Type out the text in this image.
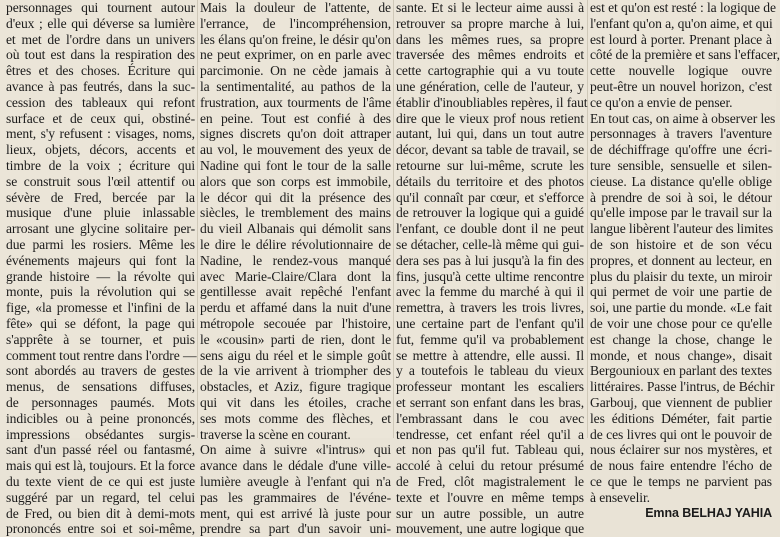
personnages qui tournent autour
d'eux ; elle qui déverse sa lumière
et met de l'ordre dans un univers
où tout est dans la respiration des
êtres et des choses. Écriture qui
avance à pas feutrés, dans la suc-
cession des tableaux qui refont
surface et de ceux qui, obstiné-
ment, s'y refusent : visages, noms,
lieux, objets, décors, accents et
timbre de la voix ; écriture qui
se construit sous l'œil attentif ou
sévère de Fred, bercée par la
musique d'une pluie inlassable
arrosant une glycine solitaire per-
due parmi les rosiers. Même les
événements majeurs qui font la
grande histoire — la révolte qui
monte, puis la révolution qui se
fige, «la promesse et l'infini de la
fête» qui se défont, la page qui
s'apprête à se tourner, et puis
comment tout rentre dans l'ordre —
sont abordés au travers de gestes
menus, de sensations diffuses,
de personnages paumés. Mots
indicibles ou à peine prononcés,
impressions obsédantes surgis-
sant d'un passé réel ou fantasmé,
mais qui est là, toujours. Et la force
du texte vient de ce qui est juste
suggéré par un regard, tel celui
de Fred, ou bien dit à demi-mots
prononcés entre soi et soi-même,
Mais la douleur de l'attente, de
l'errance, de l'incompréhension,
les élans qu'on freine, le désir qu'on
ne peut exprimer, on en parle avec
parcimonie. On ne cède jamais à
la sentimentalité, au pathos de la
frustration, aux tourments de l'âme
en peine. Tout est confié à des
signes discrets qu'on doit attraper
au vol, le mouvement des yeux de
Nadine qui font le tour de la salle
alors que son corps est immobile,
le décor qui dit la présence des
siècles, le tremblement des mains
du vieil Albanais qui démolit sans
le dire le délire révolutionnaire de
Nadine, le rendez-vous manqué
avec Marie-Claire/Clara dont la
gentillesse avait repêché l'enfant
perdu et affamé dans la nuit d'une
métropole secouée par l'histoire,
le «cousin» parti de rien, dont le
sens aigu du réel et le simple goût
de la vie arrivent à triompher des
obstacles, et Aziz, figure tragique
qui vit dans les étoiles, crache
ses mots comme des flèches, et
traverse la scène en courant.
On aime à suivre «l'intrus» qui
avance dans le dédale d'une ville-
lumière aveugle à l'enfant qui n'a
pas les grammaires de l'événe-
ment, qui est arrivé là juste pour
prendre sa part d'un savoir uni-
sante. Et si le lecteur aime aussi à
retrouver sa propre marche à lui,
dans les mêmes rues, sa propre
traversée des mêmes endroits et
cette cartographie qui a vu toute
une génération, celle de l'auteur, y
établir d'inoubliables repères, il faut
dire que le vieux prof nous retient
autant, lui qui, dans un tout autre
décor, devant sa table de travail, se
retourne sur lui-même, scrute les
détails du territoire et des photos
qu'il connaît par cœur, et s'efforce
de retrouver la logique qui a guidé
l'enfant, ce double dont il ne peut
se détacher, celle-là même qui gui-
dera ses pas à lui jusqu'à la fin des
fins, jusqu'à cette ultime rencontre
avec la femme du marché à qui il
remettra, à travers les trois livres,
une certaine part de l'enfant qu'il
fut, femme qu'il va probablement
se mettre à attendre, elle aussi. Il
y a toutefois le tableau du vieux
professeur montant les escaliers
et serrant son enfant dans les bras,
l'embrassant dans le cou avec
tendresse, cet enfant réel qu'il a
et non pas qu'il fut. Tableau qui,
accolé à celui du retour présumé
de Fred, clôt magistralement le
texte et l'ouvre en même temps
sur un autre possible, un autre
mouvement, une autre logique que
est et qu'on est resté : la logique de
l'enfant qu'on a, qu'on aime, et qui
est lourd à porter. Prenant place à
côté de la première et sans l'effacer,
cette nouvelle logique ouvre
peut-être un nouvel horizon, c'est
ce qu'on a envie de penser.
En tout cas, on aime à observer les
personnages à travers l'aventure
de déchiffrage qu'offre une écri-
ture sensible, sensuelle et silen-
cieuse. La distance qu'elle oblige
à prendre de soi à soi, le détour
qu'elle impose par le travail sur la
langue libèrent l'auteur des limites
de son histoire et de son vécu
propres, et donnent au lecteur, en
plus du plaisir du texte, un miroir
qui permet de voir une partie de
soi, une partie du monde. «Le fait
de voir une chose pour ce qu'elle
est change la chose, change le
monde, et nous change», disait
Bergounioux en parlant des textes
littéraires. Passe l'intrus, de Béchir
Garbouj, que viennent de publier
les éditions Déméter, fait partie
de ces livres qui ont le pouvoir de
nous éclairer sur nos mystères, et
de nous faire entendre l'écho de
ce que le temps ne parvient pas
à ensevelir.
Emna BELHAJ YAHIA
